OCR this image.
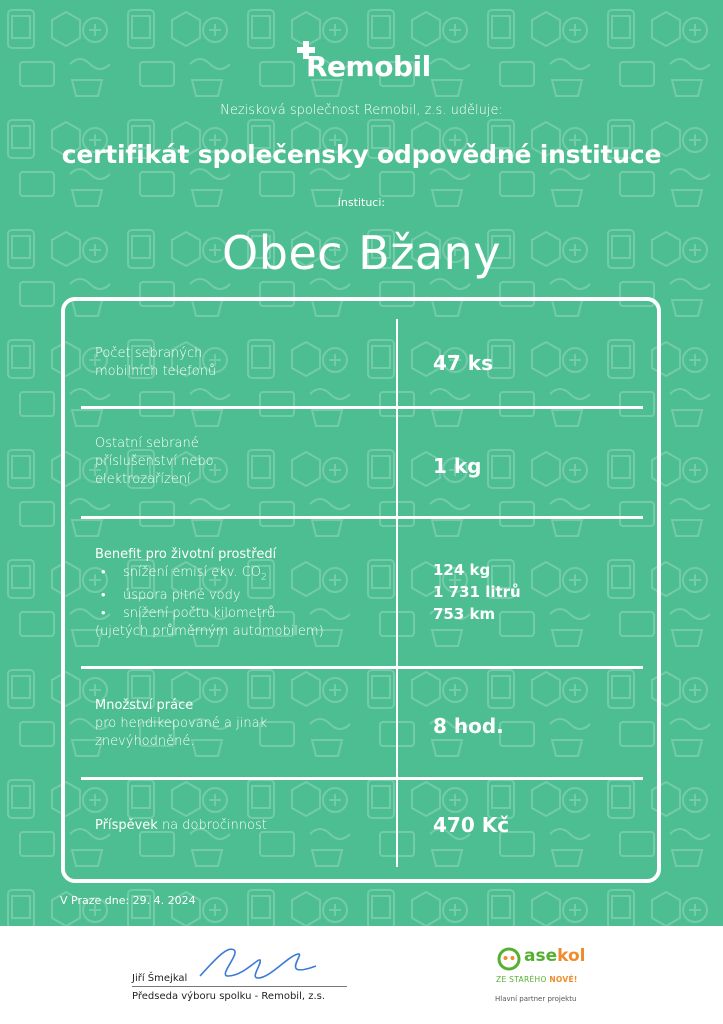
Remobil
Nezisková společnost Remobil, z.s. uděluje:
certifikát společensky odpovědné instituce
instituci:
Obec Bžany
Počet sebraných
mobilních telefonů	47 ks
Ostatní sebrané
příslušenství nebo
elektrozařízení
1 kg
Benefit pro životní prostředí
• snížení emisí ekv. $CO_2$
• úspora pitné vody
• snížení počtu kilometrů
(ujetých průměrným automobilem)
124 kg
1 731 litrů
753 km
Množství práce
pro hendikepované a jinak
znevýhodněné.
8 hod.
Příspěvek na dobročinnost	470 Kč
V Praze dne: 29. 4. 2024
Jiří Šmejkal
Předseda výboru spolku - Remobil, z.s.
asekol
ZE STARÉHO NOVÉ!
Hlavní partner projektu
